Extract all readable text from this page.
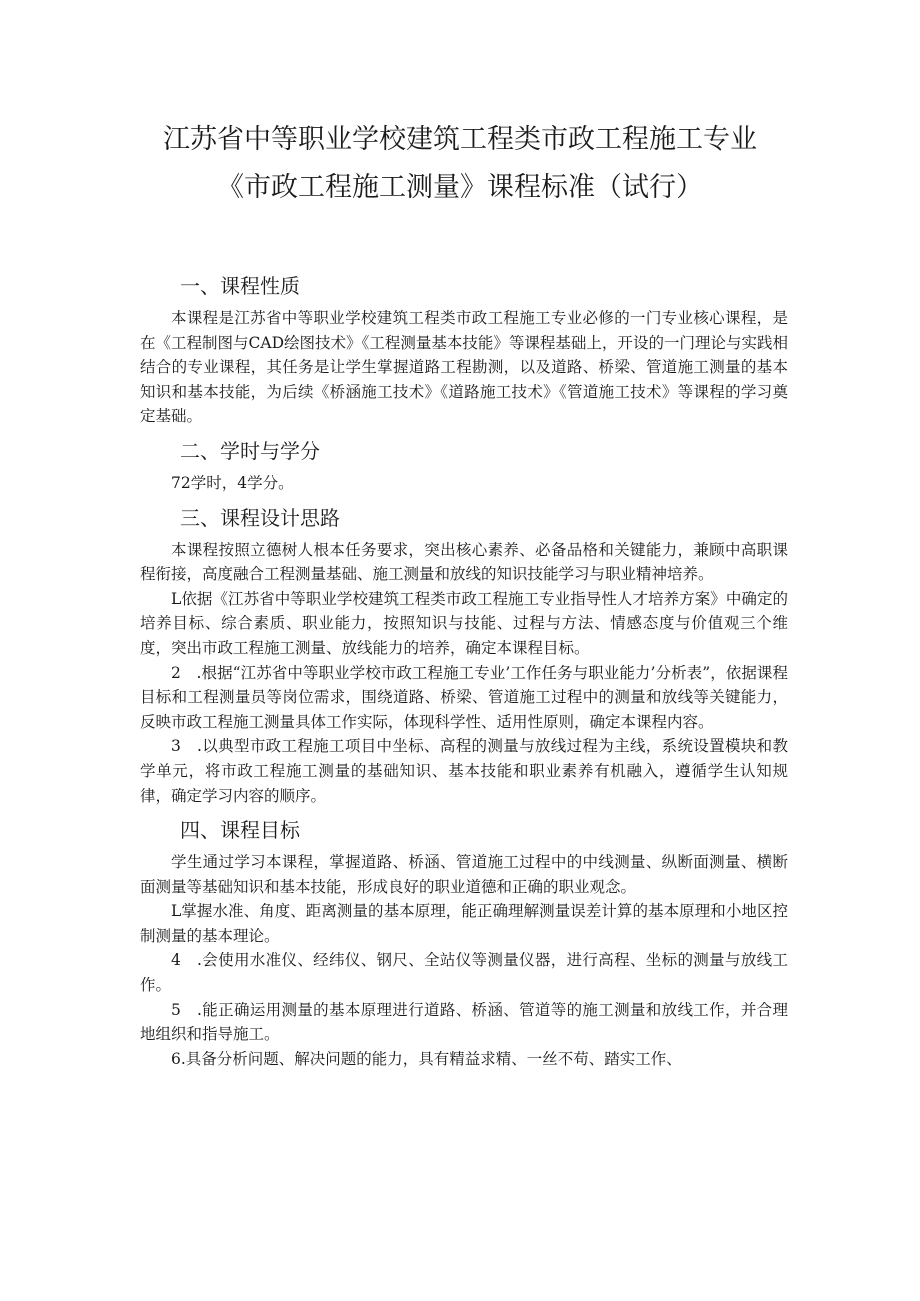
江苏省中等职业学校建筑工程类市政工程施工专业
《市政工程施工测量》课程标准（试行）
一、课程性质

本课程是江苏省中等职业学校建筑工程类市政工程施工专业必修的一门专业核心课程，是在《工程制图与CAD绘图技术》《工程测量基本技能》等课程基础上，开设的一门理论与实践相结合的专业课程，其任务是让学生掌握道路工程勘测，以及道路、桥梁、管道施工测量的基本知识和基本技能，为后续《桥涵施工技术》《道路施工技术》《管道施工技术》等课程的学习奠定基础。

二、学时与学分

72学时，4学分。

三、课程设计思路

本课程按照立德树人根本任务要求，突出核心素养、必备品格和关键能力，兼顾中高职课程衔接，高度融合工程测量基础、施工测量和放线的知识技能学习与职业精神培养。

L依据《江苏省中等职业学校建筑工程类市政工程施工专业指导性人才培养方案》中确定的培养目标、综合素质、职业能力，按照知识与技能、过程与方法、情感态度与价值观三个维度，突出市政工程施工测量、放线能力的培养，确定本课程目标。

2　.根据“江苏省中等职业学校市政工程施工专业’工作任务与职业能力’分析表”，依据课程目标和工程测量员等岗位需求，围绕道路、桥梁、管道施工过程中的测量和放线等关键能力，反映市政工程施工测量具体工作实际，体现科学性、适用性原则，确定本课程内容。

3　.以典型市政工程施工项目中坐标、高程的测量与放线过程为主线，系统设置模块和教学单元，将市政工程施工测量的基础知识、基本技能和职业素养有机融入，遵循学生认知规律，确定学习内容的顺序。

四、课程目标

学生通过学习本课程，掌握道路、桥涵、管道施工过程中的中线测量、纵断面测量、横断面测量等基础知识和基本技能，形成良好的职业道德和正确的职业观念。

L掌握水准、角度、距离测量的基本原理，能正确理解测量误差计算的基本原理和小地区控制测量的基本理论。

4　.会使用水准仪、经纬仪、钢尺、全站仪等测量仪器，进行高程、坐标的测量与放线工作。

5　.能正确运用测量的基本原理进行道路、桥涵、管道等的施工测量和放线工作，并合理地组织和指导施工。

6.具备分析问题、解决问题的能力，具有精益求精、一丝不苟、踏实工作、
